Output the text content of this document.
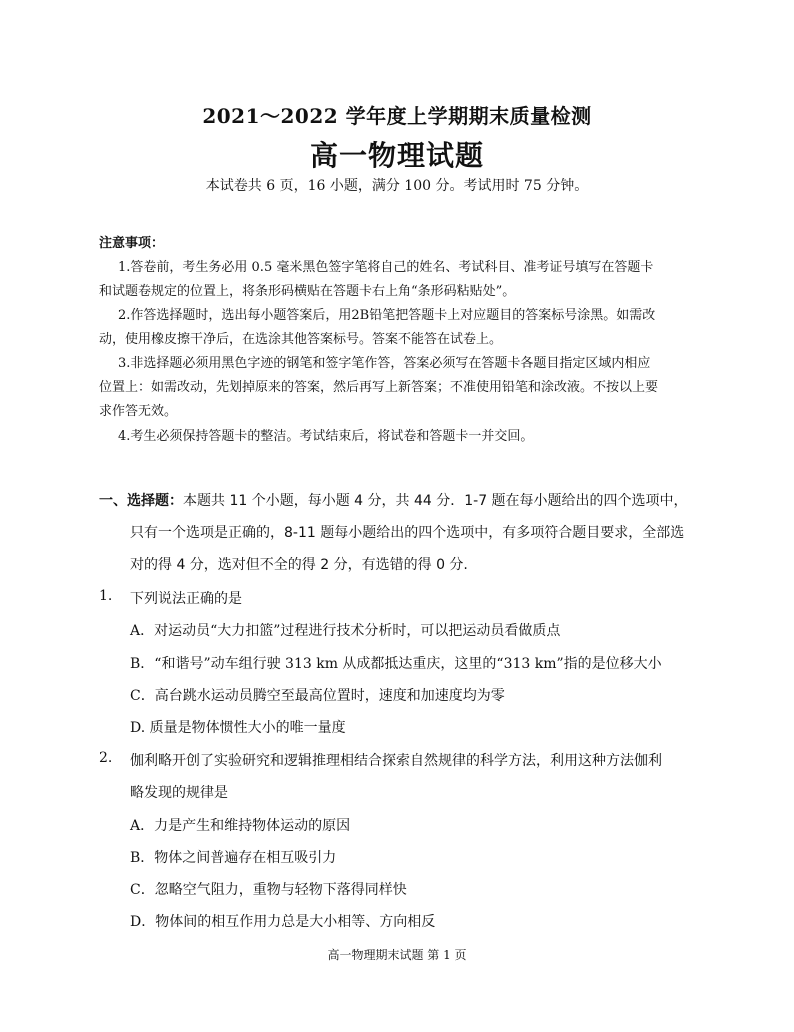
2021～2022 学年度上学期期末质量检测
高一物理试题
本试卷共 6 页，16 小题，满分 100 分。考试用时 75 分钟。
注意事项：
1.答卷前，考生务必用 0.5 毫米黑色签字笔将自己的姓名、考试科目、准考证号填写在答题卡
和试题卷规定的位置上，将条形码横贴在答题卡右上角“条形码粘贴处”。
2.作答选择题时，选出每小题答案后，用2B铅笔把答题卡上对应题目的答案标号涂黑。如需改
动，使用橡皮擦干净后，在选涂其他答案标号。答案不能答在试卷上。
3.非选择题必须用黑色字迹的钢笔和签字笔作答，答案必须写在答题卡各题目指定区域内相应
位置上：如需改动，先划掉原来的答案，然后再写上新答案；不准使用铅笔和涂改液。不按以上要
求作答无效。
4.考生必须保持答题卡的整洁。考试结束后，将试卷和答题卡一并交回。
一、选择题：本题共 11 个小题，每小题 4 分，共 44 分．1-7 题在每小题给出的四个选项中，
只有一个选项是正确的，8-11 题每小题给出的四个选项中，有多项符合题目要求，全部选
对的得 4 分，选对但不全的得 2 分，有选错的得 0 分.
1. 下列说法正确的是
A．对运动员“大力扣篮”过程进行技术分析时，可以把运动员看做质点
B．“和谐号”动车组行驶 313 km 从成都抵达重庆，这里的“313 km”指的是位移大小
C．高台跳水运动员腾空至最高位置时，速度和加速度均为零
D. 质量是物体惯性大小的唯一量度
2. 伽利略开创了实验研究和逻辑推理相结合探索自然规律的科学方法，利用这种方法伽利
略发现的规律是
A．力是产生和维持物体运动的原因
B．物体之间普遍存在相互吸引力
C．忽略空气阻力，重物与轻物下落得同样快
D．物体间的相互作用力总是大小相等、方向相反
高一物理期末试题 第 1 页
